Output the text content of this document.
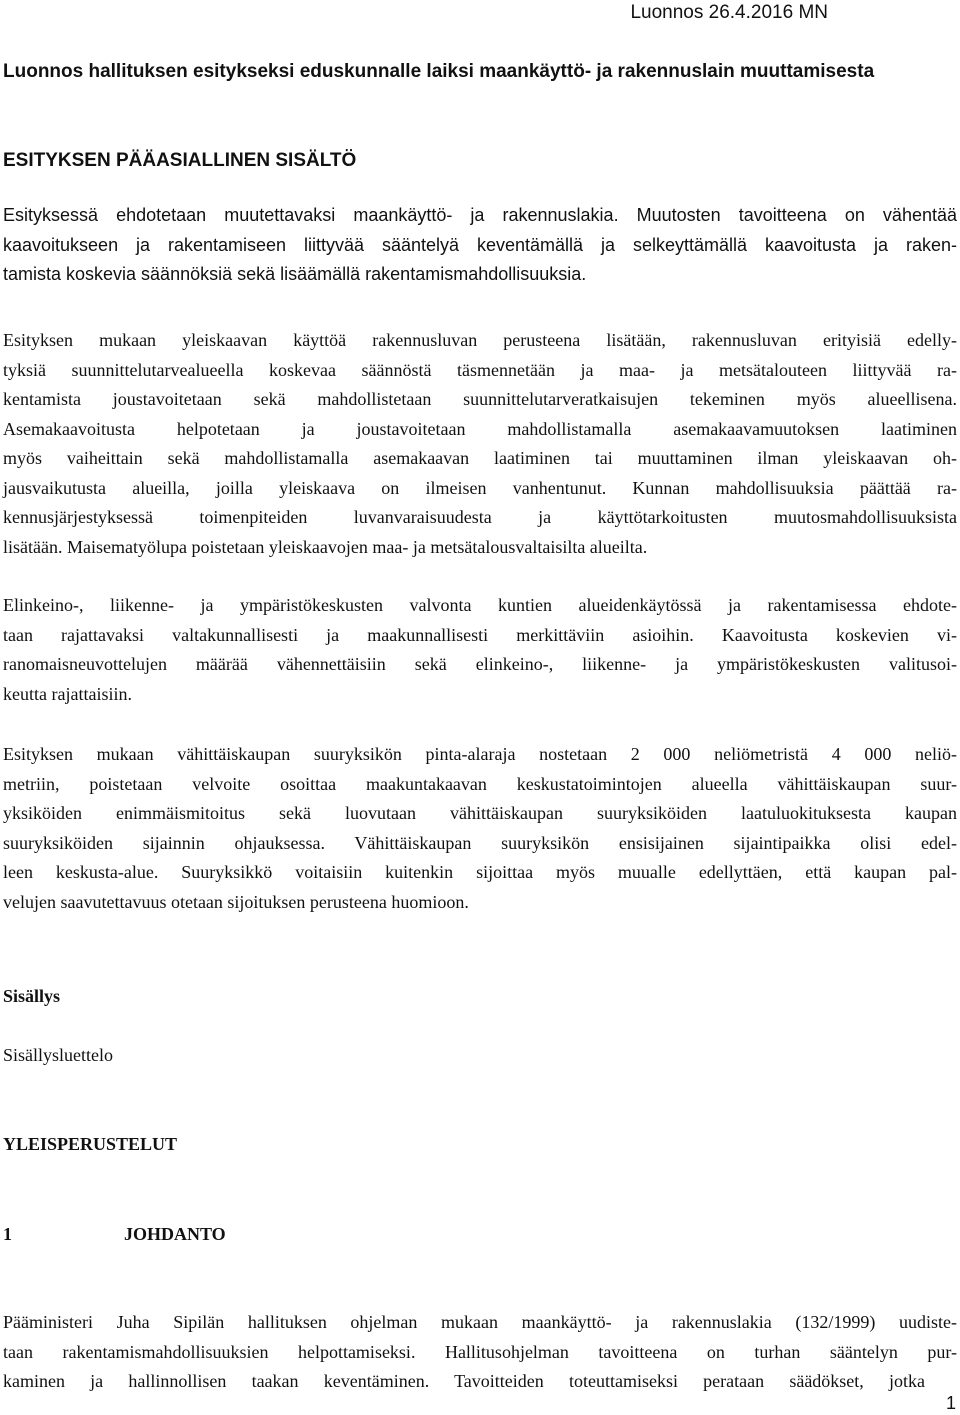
Luonnos 26.4.2016 MN
Luonnos hallituksen esitykseksi eduskunnalle laiksi maankäyttö- ja rakennuslain muuttamisesta
ESITYKSEN PÄÄASIALLINEN SISÄLTÖ
Esityksessä ehdotetaan muutettavaksi maankäyttö- ja rakennuslakia. Muutosten tavoitteena on vähentää
kaavoitukseen ja rakentamiseen liittyvää sääntelyä keventämällä ja selkeyttämällä kaavoitusta ja raken-
tamista koskevia säännöksiä sekä lisäämällä rakentamismahdollisuuksia.
Esityksen mukaan yleiskaavan käyttöä rakennusluvan perusteena lisätään, rakennusluvan erityisiä edelly-
tyksiä suunnittelutarvealueella koskevaa säännöstä täsmennetään ja maa- ja metsätalouteen liittyvää ra-
kentamista joustavoitetaan sekä mahdollistetaan suunnittelutarveratkaisujen tekeminen myös alueellisena.
Asemakaavoitusta helpotetaan ja joustavoitetaan mahdollistamalla asemakaavamuutoksen laatiminen
myös vaiheittain sekä mahdollistamalla asemakaavan laatiminen tai muuttaminen ilman yleiskaavan oh-
jausvaikutusta alueilla, joilla yleiskaava on ilmeisen vanhentunut. Kunnan mahdollisuuksia päättää ra-
kennusjärjestyksessä toimenpiteiden luvanvaraisuudesta ja käyttötarkoitusten muutosmahdollisuuksista
lisätään. Maisematyölupa poistetaan yleiskaavojen maa- ja metsätalousvaltaisilta alueilta.
Elinkeino-, liikenne- ja ympäristökeskusten valvonta kuntien alueidenkäytössä ja rakentamisessa ehdote-
taan rajattavaksi valtakunnallisesti ja maakunnallisesti merkittäviin asioihin. Kaavoitusta koskevien vi-
ranomaisneuvottelujen määrää vähennettäisiin sekä elinkeino-, liikenne- ja ympäristökeskusten valitusoi-
keutta rajattaisiin.
Esityksen mukaan vähittäiskaupan suuryksikön pinta-alaraja nostetaan 2 000 neliömetristä 4 000 neliö-
metriin, poistetaan velvoite osoittaa maakuntakaavan keskustatoimintojen alueella vähittäiskaupan suur-
yksiköiden enimmäismitoitus sekä luovutaan vähittäiskaupan suuryksiköiden laatuluokituksesta kaupan
suuryksiköiden sijainnin ohjauksessa. Vähittäiskaupan suuryksikön ensisijainen sijaintipaikka olisi edel-
leen keskusta-alue. Suuryksikkö voitaisiin kuitenkin sijoittaa myös muualle edellyttäen, että kaupan pal-
velujen saavutettavuus otetaan sijoituksen perusteena huomioon.
Sisällys
Sisällysluettelo
YLEISPERUSTELUT
1	JOHDANTO
Pääministeri Juha Sipilän hallituksen ohjelman mukaan maankäyttö- ja rakennuslakia (132/1999) uudiste-
taan rakentamismahdollisuuksien helpottamiseksi. Hallitusohjelman tavoitteena on turhan sääntelyn pur-
kaminen ja hallinnollisen taakan keventäminen. Tavoitteiden toteuttamiseksi perataan säädökset, jotka
1
